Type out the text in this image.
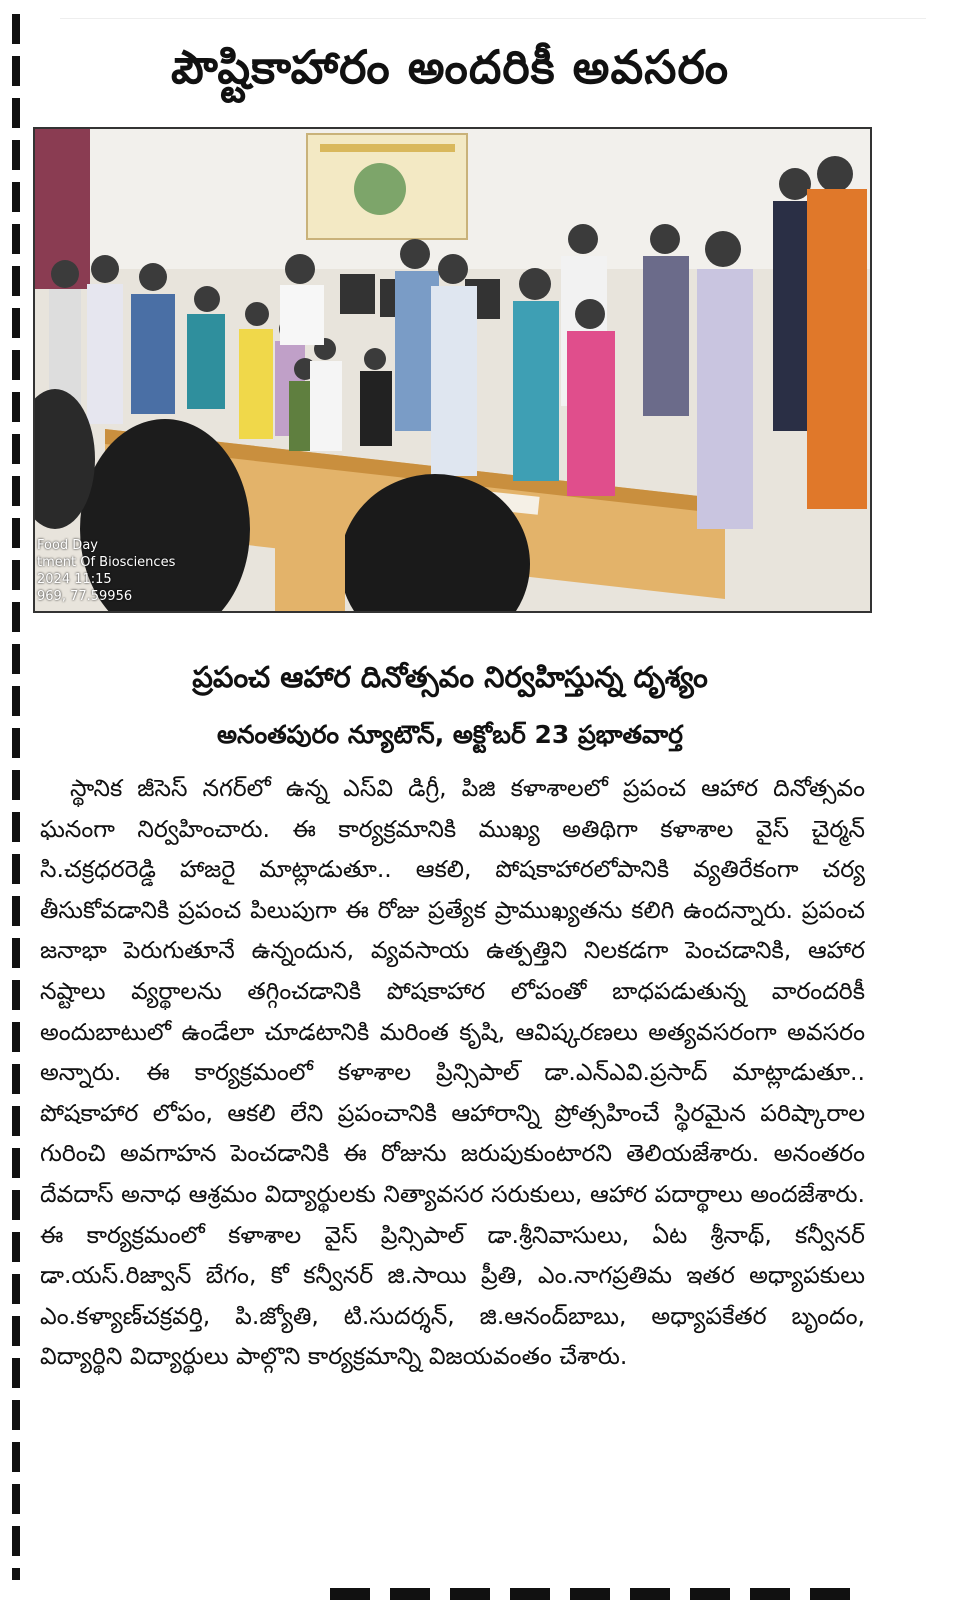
పౌష్టికాహారం అందరికీ అవసరం
Food Day
tment Of Biosciences
2024 11:15
969, 77.59956
ప్రపంచ ఆహార దినోత్సవం నిర్వహిస్తున్న దృశ్యం
అనంతపురం న్యూటౌన్, అక్టోబర్ 23 ప్రభాతవార్త
స్థానిక జీసెస్ నగర్‌లో ఉన్న ఎస్‌వి డిగ్రీ, పిజి కళాశాలలో ప్రపంచ ఆహార దినోత్సవం ఘనంగా నిర్వహించారు. ఈ కార్యక్రమానికి ముఖ్య అతిథిగా కళాశాల వైస్ చైర్మన్ సి.చక్రధరరెడ్డి హాజరై మాట్లాడుతూ.. ఆకలి, పోషకాహారలోపానికి వ్యతిరేకంగా చర్య తీసుకోవడానికి ప్రపంచ పిలుపుగా ఈ రోజు ప్రత్యేక ప్రాముఖ్యతను కలిగి ఉందన్నారు. ప్రపంచ జనాభా పెరుగుతూనే ఉన్నందున, వ్యవసాయ ఉత్పత్తిని నిలకడగా పెంచడానికి, ఆహార నష్టాలు వ్యర్థాలను తగ్గించడానికి పోషకాహార లోపంతో బాధపడుతున్న వారందరికీ అందుబాటులో ఉండేలా చూడటానికి మరింత కృషి, ఆవిష్కరణలు అత్యవసరంగా అవసరం అన్నారు. ఈ కార్యక్రమంలో కళాశాల ప్రిన్సిపాల్ డా.ఎన్‌ఎవి.ప్రసాద్ మాట్లాడుతూ.. పోషకాహార లోపం, ఆకలి లేని ప్రపంచానికి ఆహారాన్ని ప్రోత్సహించే స్థిరమైన పరిష్కారాల గురించి అవగాహన పెంచడానికి ఈ రోజును జరుపుకుంటారని తెలియజేశారు. అనంతరం దేవదాస్ అనాధ ఆశ్రమం విద్యార్థులకు నిత్యావసర సరుకులు, ఆహార పదార్థాలు అందజేశారు. ఈ కార్యక్రమంలో కళాశాల వైస్ ప్రిన్సిపాల్ డా.శ్రీనివాసులు, ఏట శ్రీనాథ్, కన్వీనర్ డా.యస్.రిజ్వాన్ బేగం, కో కన్వీనర్ జి.సాయి ప్రీతి, ఎం.నాగప్రతిమ ఇతర అధ్యాపకులు ఎం.కళ్యాణ్‌చక్రవర్తి, పి.జ్యోతి, టి.సుదర్శన్, జి.ఆనంద్‌బాబు, అధ్యాపకేతర బృందం, విద్యార్థిని విద్యార్థులు పాల్గొని కార్యక్రమాన్ని విజయవంతం చేశారు.
